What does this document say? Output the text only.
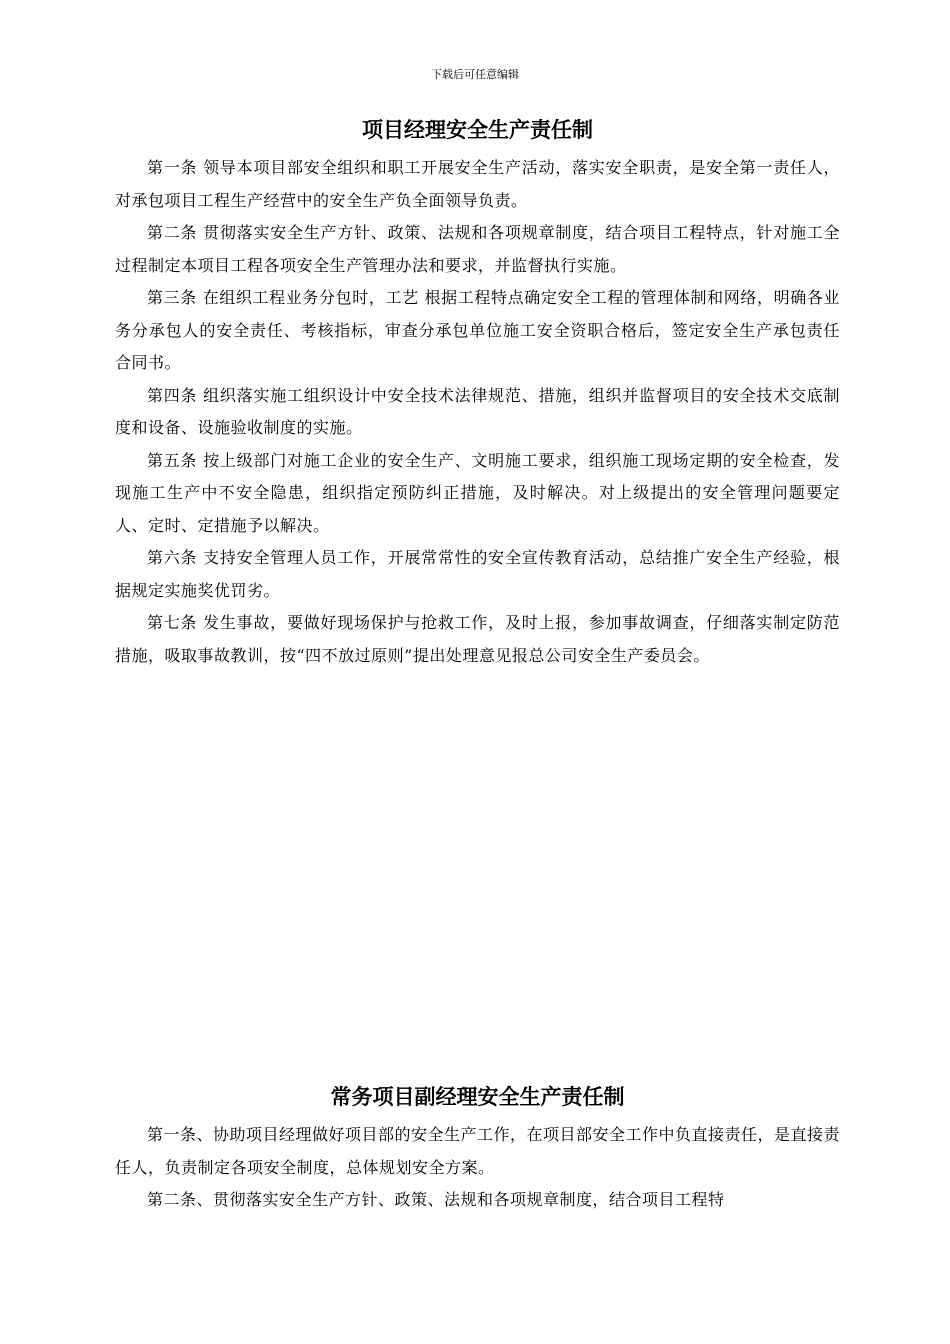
下载后可任意编辑
项目经理安全生产责任制

第一条 领导本项目部安全组织和职工开展安全生产活动，落实安全职责，是安全第一责任人，对承包项目工程生产经营中的安全生产负全面领导负责。

第二条 贯彻落实安全生产方针、政策、法规和各项规章制度，结合项目工程特点，针对施工全过程制定本项目工程各项安全生产管理办法和要求，并监督执行实施。

第三条 在组织工程业务分包时，工艺 根据工程特点确定安全工程的管理体制和网络，明确各业务分承包人的安全责任、考核指标，审查分承包单位施工安全资职合格后，签定安全生产承包责任合同书。

第四条 组织落实施工组织设计中安全技术法律规范、措施，组织并监督项目的安全技术交底制度和设备、设施验收制度的实施。

第五条 按上级部门对施工企业的安全生产、文明施工要求，组织施工现场定期的安全检查，发现施工生产中不安全隐患，组织指定预防纠正措施，及时解决。对上级提出的安全管理问题要定人、定时、定措施予以解决。

第六条 支持安全管理人员工作，开展常常性的安全宣传教育活动，总结推广安全生产经验，根据规定实施奖优罚劣。

第七条 发生事故，要做好现场保护与抢救工作，及时上报，参加事故调查，仔细落实制定防范措施，吸取事故教训，按“四不放过原则”提出处理意见报总公司安全生产委员会。

常务项目副经理安全生产责任制

第一条、协助项目经理做好项目部的安全生产工作，在项目部安全工作中负直接责任，是直接责任人，负责制定各项安全制度，总体规划安全方案。

第二条、贯彻落实安全生产方针、政策、法规和各项规章制度，结合项目工程特
